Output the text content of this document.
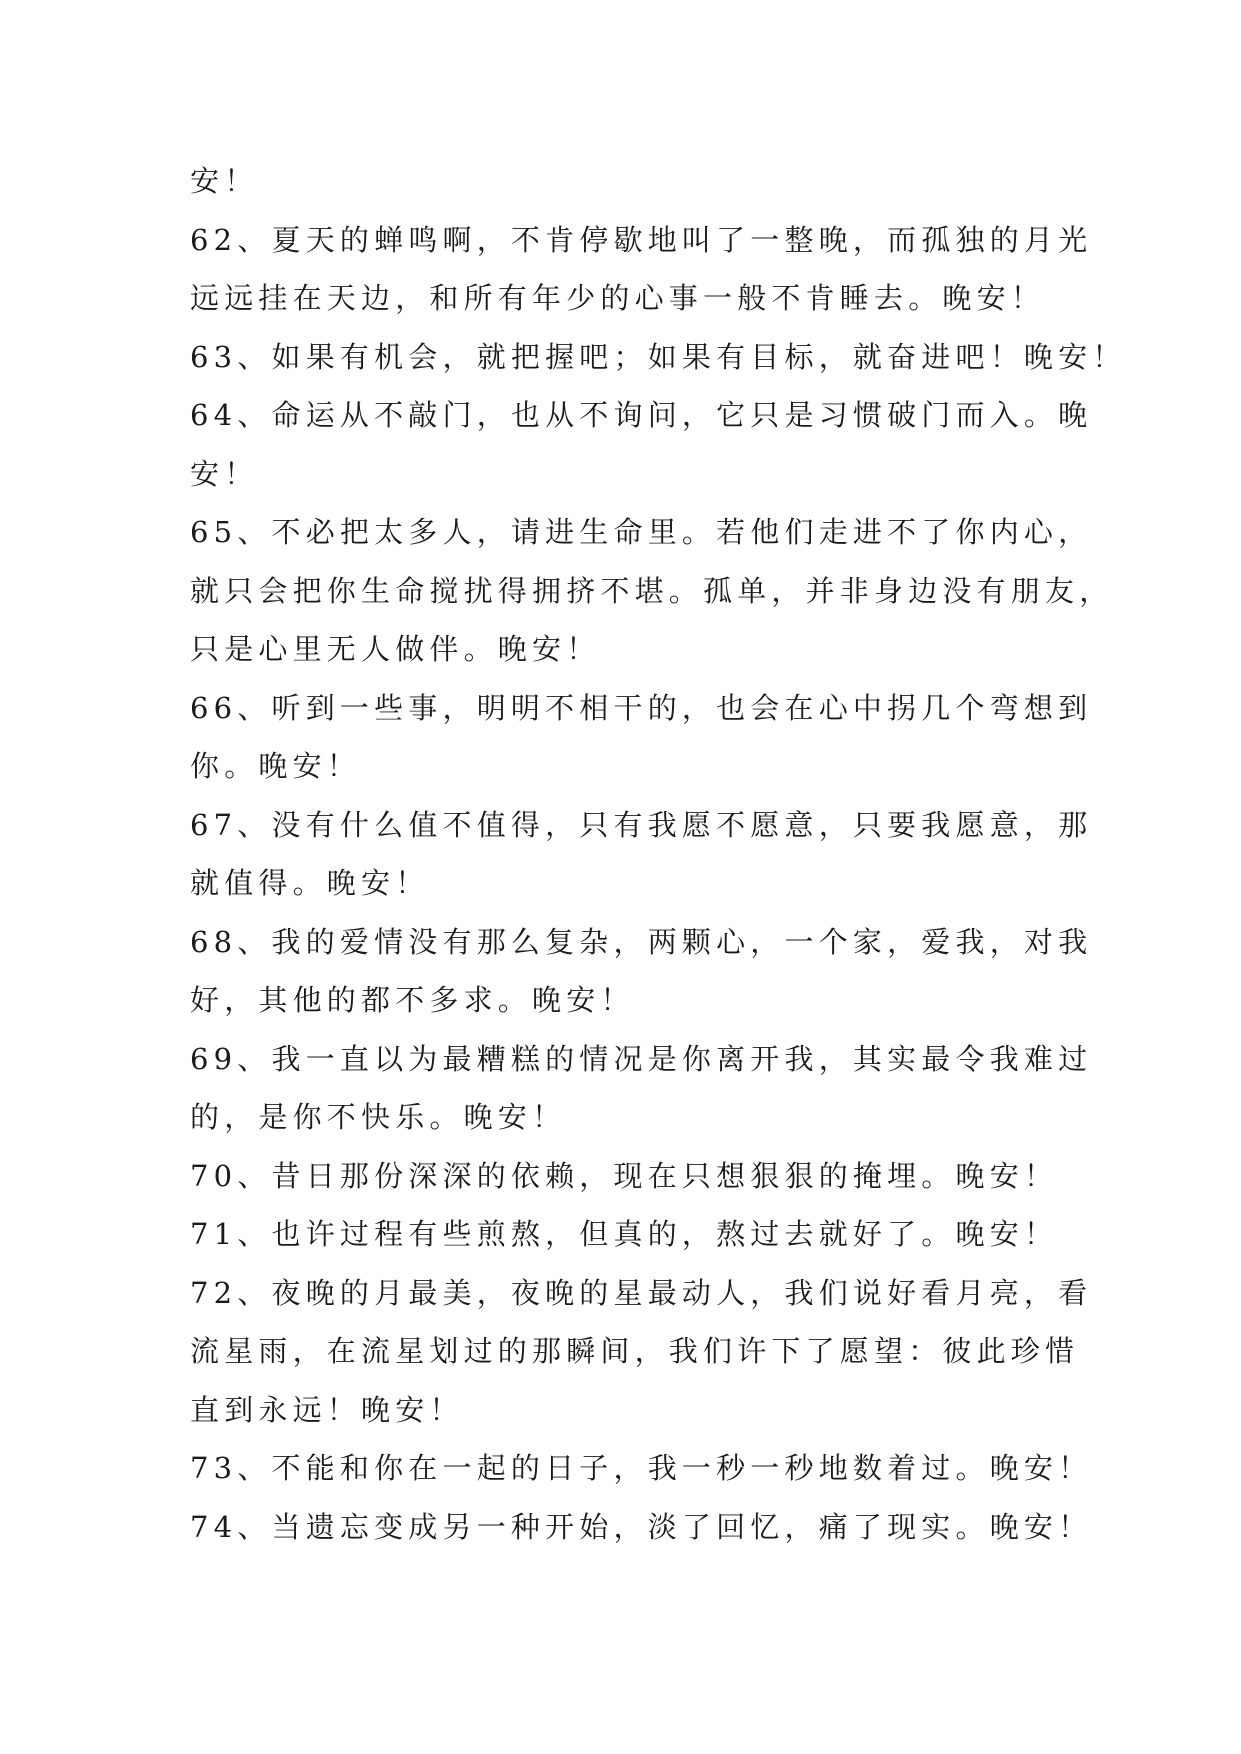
安！
62、夏天的蝉鸣啊，不肯停歇地叫了一整晚，而孤独的月光
远远挂在天边，和所有年少的心事一般不肯睡去。晚安！
63、如果有机会，就把握吧；如果有目标，就奋进吧！晚安！
64、命运从不敲门，也从不询问，它只是习惯破门而入。晚
安！
65、不必把太多人，请进生命里。若他们走进不了你内心，
就只会把你生命搅扰得拥挤不堪。孤单，并非身边没有朋友，
只是心里无人做伴。晚安！
66、听到一些事，明明不相干的，也会在心中拐几个弯想到
你。晚安！
67、没有什么值不值得，只有我愿不愿意，只要我愿意，那
就值得。晚安！
68、我的爱情没有那么复杂，两颗心，一个家，爱我，对我
好，其他的都不多求。晚安！
69、我一直以为最糟糕的情况是你离开我，其实最令我难过
的，是你不快乐。晚安！
70、昔日那份深深的依赖，现在只想狠狠的掩埋。晚安！
71、也许过程有些煎熬，但真的，熬过去就好了。晚安！
72、夜晚的月最美，夜晚的星最动人，我们说好看月亮，看
流星雨，在流星划过的那瞬间，我们许下了愿望：彼此珍惜
直到永远！晚安！
73、不能和你在一起的日子，我一秒一秒地数着过。晚安！
74、当遗忘变成另一种开始，淡了回忆，痛了现实。晚安！
